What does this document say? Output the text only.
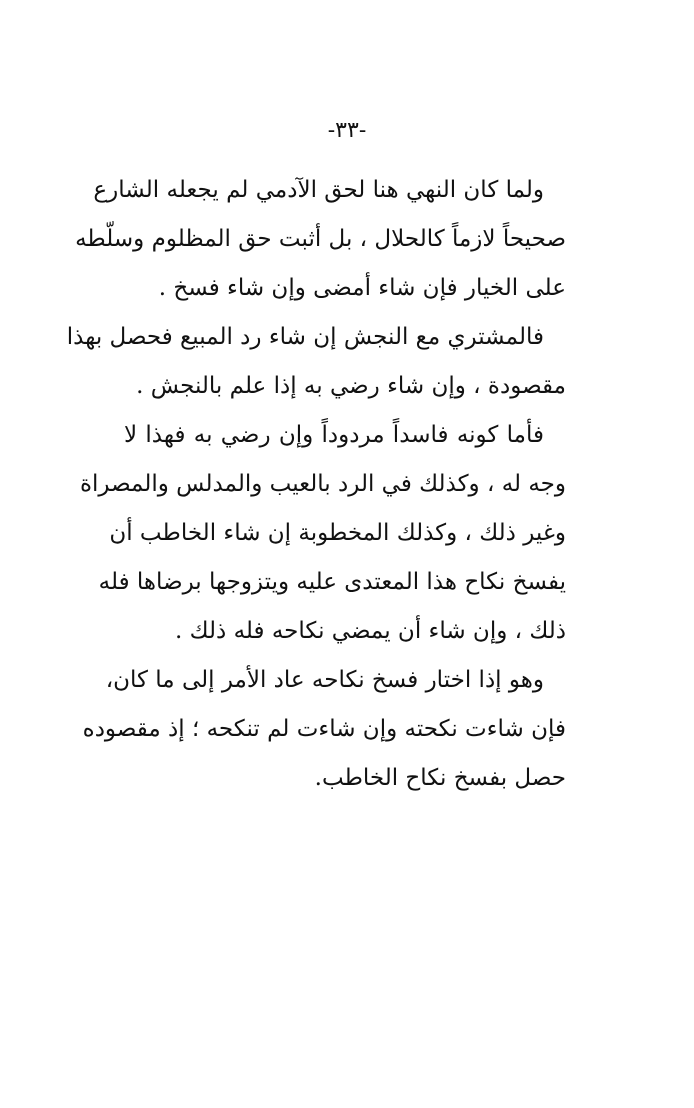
-٣٣-
ولما كان النهي هنا لحق الآدمي لم يجعله الشارع
صحيحاً لازماً كالحلال ، بل أثبت حق المظلوم وسلّطه
على الخيار فإن شاء أمضى وإن شاء فسخ .
فالمشتري مع النجش إن شاء رد المبيع فحصل بهذا
مقصودة ، وإن شاء رضي به إذا علم بالنجش .
فأما كونه فاسداً مردوداً وإن رضي به فهذا لا
وجه له ، وكذلك في الرد بالعيب والمدلس والمصراة
وغير ذلك ، وكذلك المخطوبة إن شاء الخاطب أن
يفسخ نكاح هذا المعتدى عليه ويتزوجها برضاها فله
ذلك ، وإن شاء أن يمضي نكاحه فله ذلك .
وهو إذا اختار فسخ نكاحه عاد الأمر إلى ما كان،
فإن شاءت نكحته وإن شاءت لم تنكحه ؛ إذ مقصوده
حصل بفسخ نكاح الخاطب.
